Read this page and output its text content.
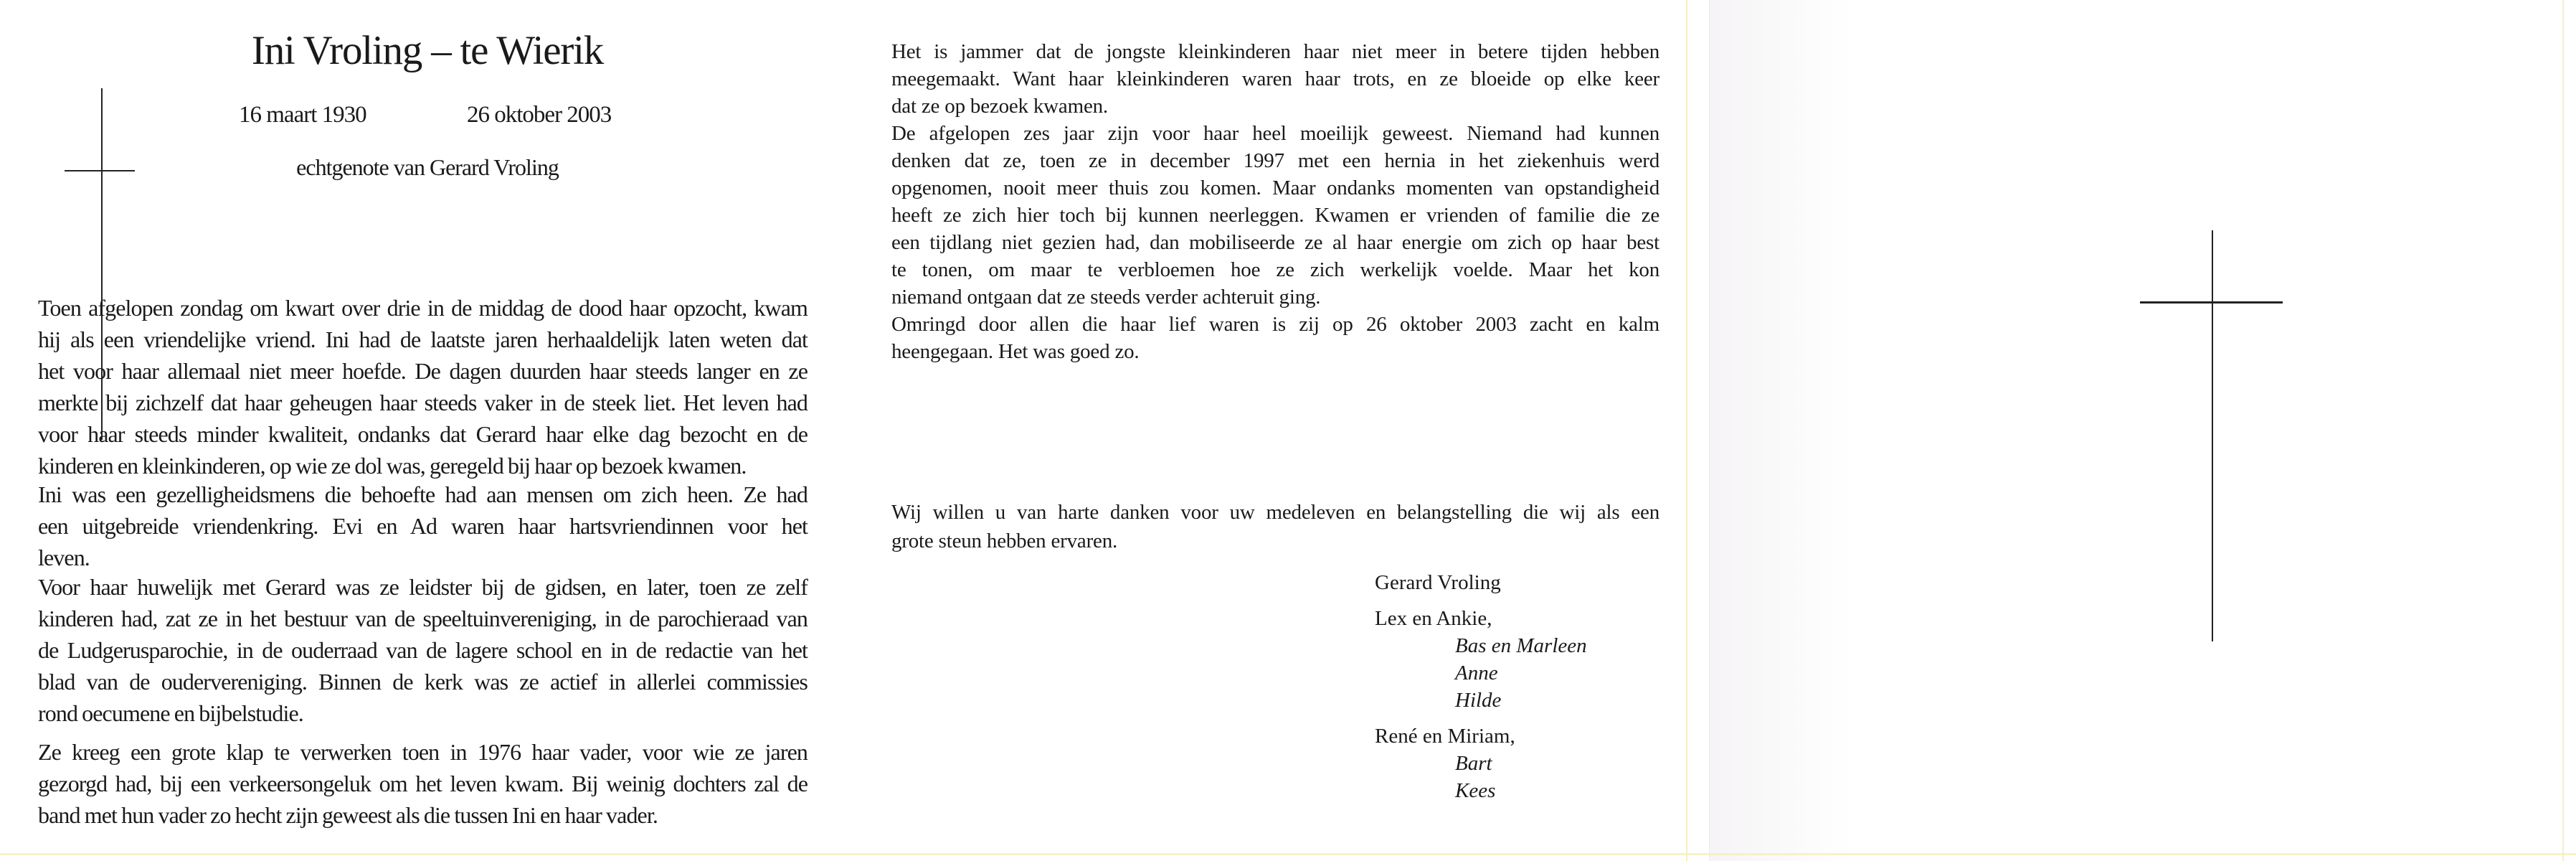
Ini Vroling – te Wierik
16 maart 1930	26 oktober 2003
echtgenote van Gerard Vroling
Toen afgelopen zondag om kwart over drie in de middag de dood haar opzocht, kwam
hij als een vriendelijke vriend. Ini had de laatste jaren herhaaldelijk laten weten dat
het voor haar allemaal niet meer hoefde. De dagen duurden haar steeds langer en ze
merkte bij zichzelf dat haar geheugen haar steeds vaker in de steek liet. Het leven had
voor haar steeds minder kwaliteit, ondanks dat Gerard haar elke dag bezocht en de
kinderen en kleinkinderen, op wie ze dol was, geregeld bij haar op bezoek kwamen.
Ini was een gezelligheidsmens die behoefte had aan mensen om zich heen. Ze had
een uitgebreide vriendenkring. Evi en Ad waren haar hartsvriendinnen voor het
leven.
Voor haar huwelijk met Gerard was ze leidster bij de gidsen, en later, toen ze zelf
kinderen had, zat ze in het bestuur van de speeltuinvereniging, in de parochieraad van
de Ludgerusparochie, in de ouderraad van de lagere school en in de redactie van het
blad van de oudervereniging. Binnen de kerk was ze actief in allerlei commissies
rond oecumene en bijbelstudie.
Ze kreeg een grote klap te verwerken toen in 1976 haar vader, voor wie ze jaren
gezorgd had, bij een verkeersongeluk om het leven kwam. Bij weinig dochters zal de
band met hun vader zo hecht zijn geweest als die tussen Ini en haar vader.
Het is jammer dat de jongste kleinkinderen haar niet meer in betere tijden hebben
meegemaakt. Want haar kleinkinderen waren haar trots, en ze bloeide op elke keer
dat ze op bezoek kwamen.
De afgelopen zes jaar zijn voor haar heel moeilijk geweest. Niemand had kunnen
denken dat ze, toen ze in december 1997 met een hernia in het ziekenhuis werd
opgenomen, nooit meer thuis zou komen. Maar ondanks momenten van opstandigheid
heeft ze zich hier toch bij kunnen neerleggen. Kwamen er vrienden of familie die ze
een tijdlang niet gezien had, dan mobiliseerde ze al haar energie om zich op haar best
te tonen, om maar te verbloemen hoe ze zich werkelijk voelde. Maar het kon
niemand ontgaan dat ze steeds verder achteruit ging.
Omringd door allen die haar lief waren is zij op 26 oktober 2003 zacht en kalm
heengegaan. Het was goed zo.
Wij willen u van harte danken voor uw medeleven en belangstelling die wij als een
grote steun hebben ervaren.
Gerard Vroling
Lex en Ankie,
Bas en Marleen
Anne
Hilde
René en Miriam,
Bart
Kees
